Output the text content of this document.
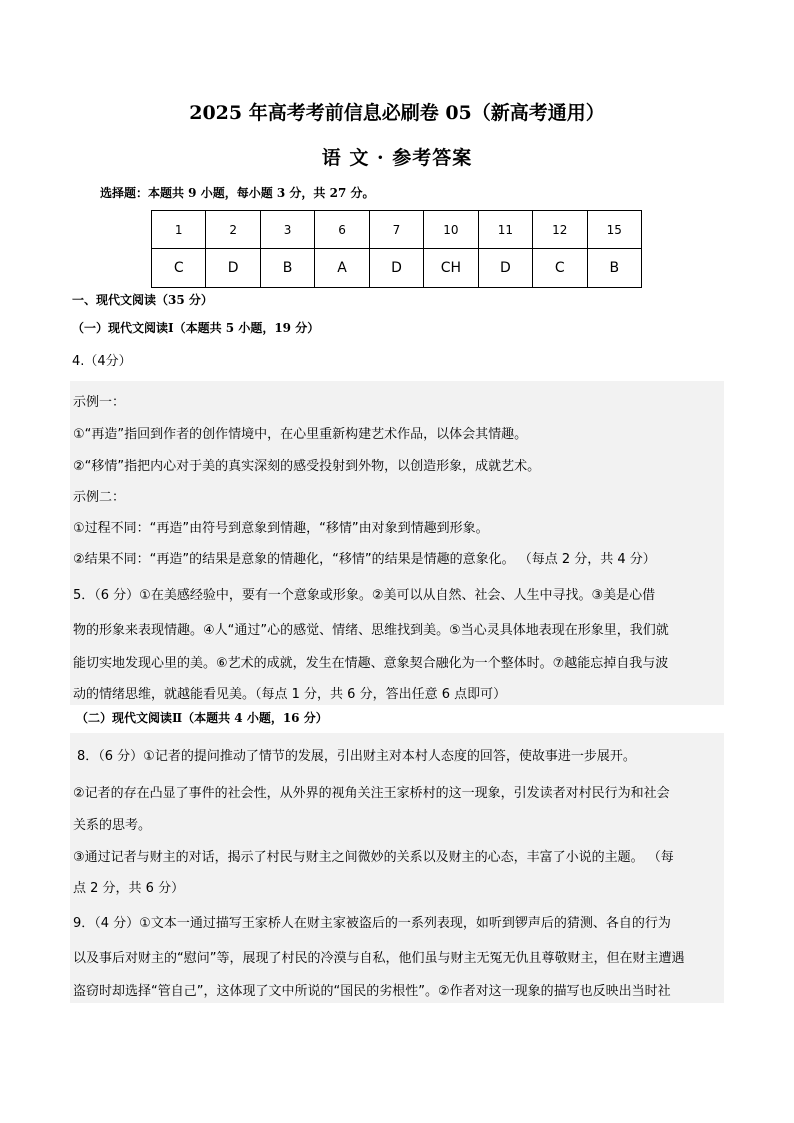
2025 年高考考前信息必刷卷 05（新高考通用）
语 文 · 参考答案
选择题：本题共 9 小题，每小题 3 分，共 27 分。
1	2	3	6	7	10	11	12	15
C	D	B	A	D	CH	D	C	B
一、现代文阅读（35 分）
（一）现代文阅读Ⅰ（本题共 5 小题，19 分）
4.（4分）
示例一：
①“再造”指回到作者的创作情境中，在心里重新构建艺术作品，以体会其情趣。
②“移情”指把内心对于美的真实深刻的感受投射到外物，以创造形象，成就艺术。
示例二：
①过程不同：“再造”由符号到意象到情趣，“移情”由对象到情趣到形象。
②结果不同：“再造”的结果是意象的情趣化，“移情”的结果是情趣的意象化。 （每点 2 分，共 4 分）
5．（6 分）①在美感经验中，要有一个意象或形象。②美可以从自然、社会、人生中寻找。③美是心借
物的形象来表现情趣。④人“通过”心的感觉、情绪、思维找到美。⑤当心灵具体地表现在形象里，我们就
能切实地发现心里的美。⑥艺术的成就，发生在情趣、意象契合融化为一个整体时。⑦越能忘掉自我与波
动的情绪思维，就越能看见美。（每点 1 分，共 6 分，答出任意 6 点即可）
（二）现代文阅读Ⅱ（本题共 4 小题，16 分）
8．（6 分）①记者的提问推动了情节的发展，引出财主对本村人态度的回答，使故事进一步展开。
②记者的存在凸显了事件的社会性，从外界的视角关注王家桥村的这一现象，引发读者对村民行为和社会
关系的思考。
③通过记者与财主的对话，揭示了村民与财主之间微妙的关系以及财主的心态，丰富了小说的主题。 （每
点 2 分，共 6 分）
9．（4 分）①文本一通过描写王家桥人在财主家被盗后的一系列表现，如听到锣声后的猜测、各自的行为
以及事后对财主的“慰问”等，展现了村民的冷漠与自私，他们虽与财主无冤无仇且尊敬财主，但在财主遭遇
盗窃时却选择“管自己”，这体现了文中所说的“国民的劣根性”。②作者对这一现象的描写也反映出当时社
